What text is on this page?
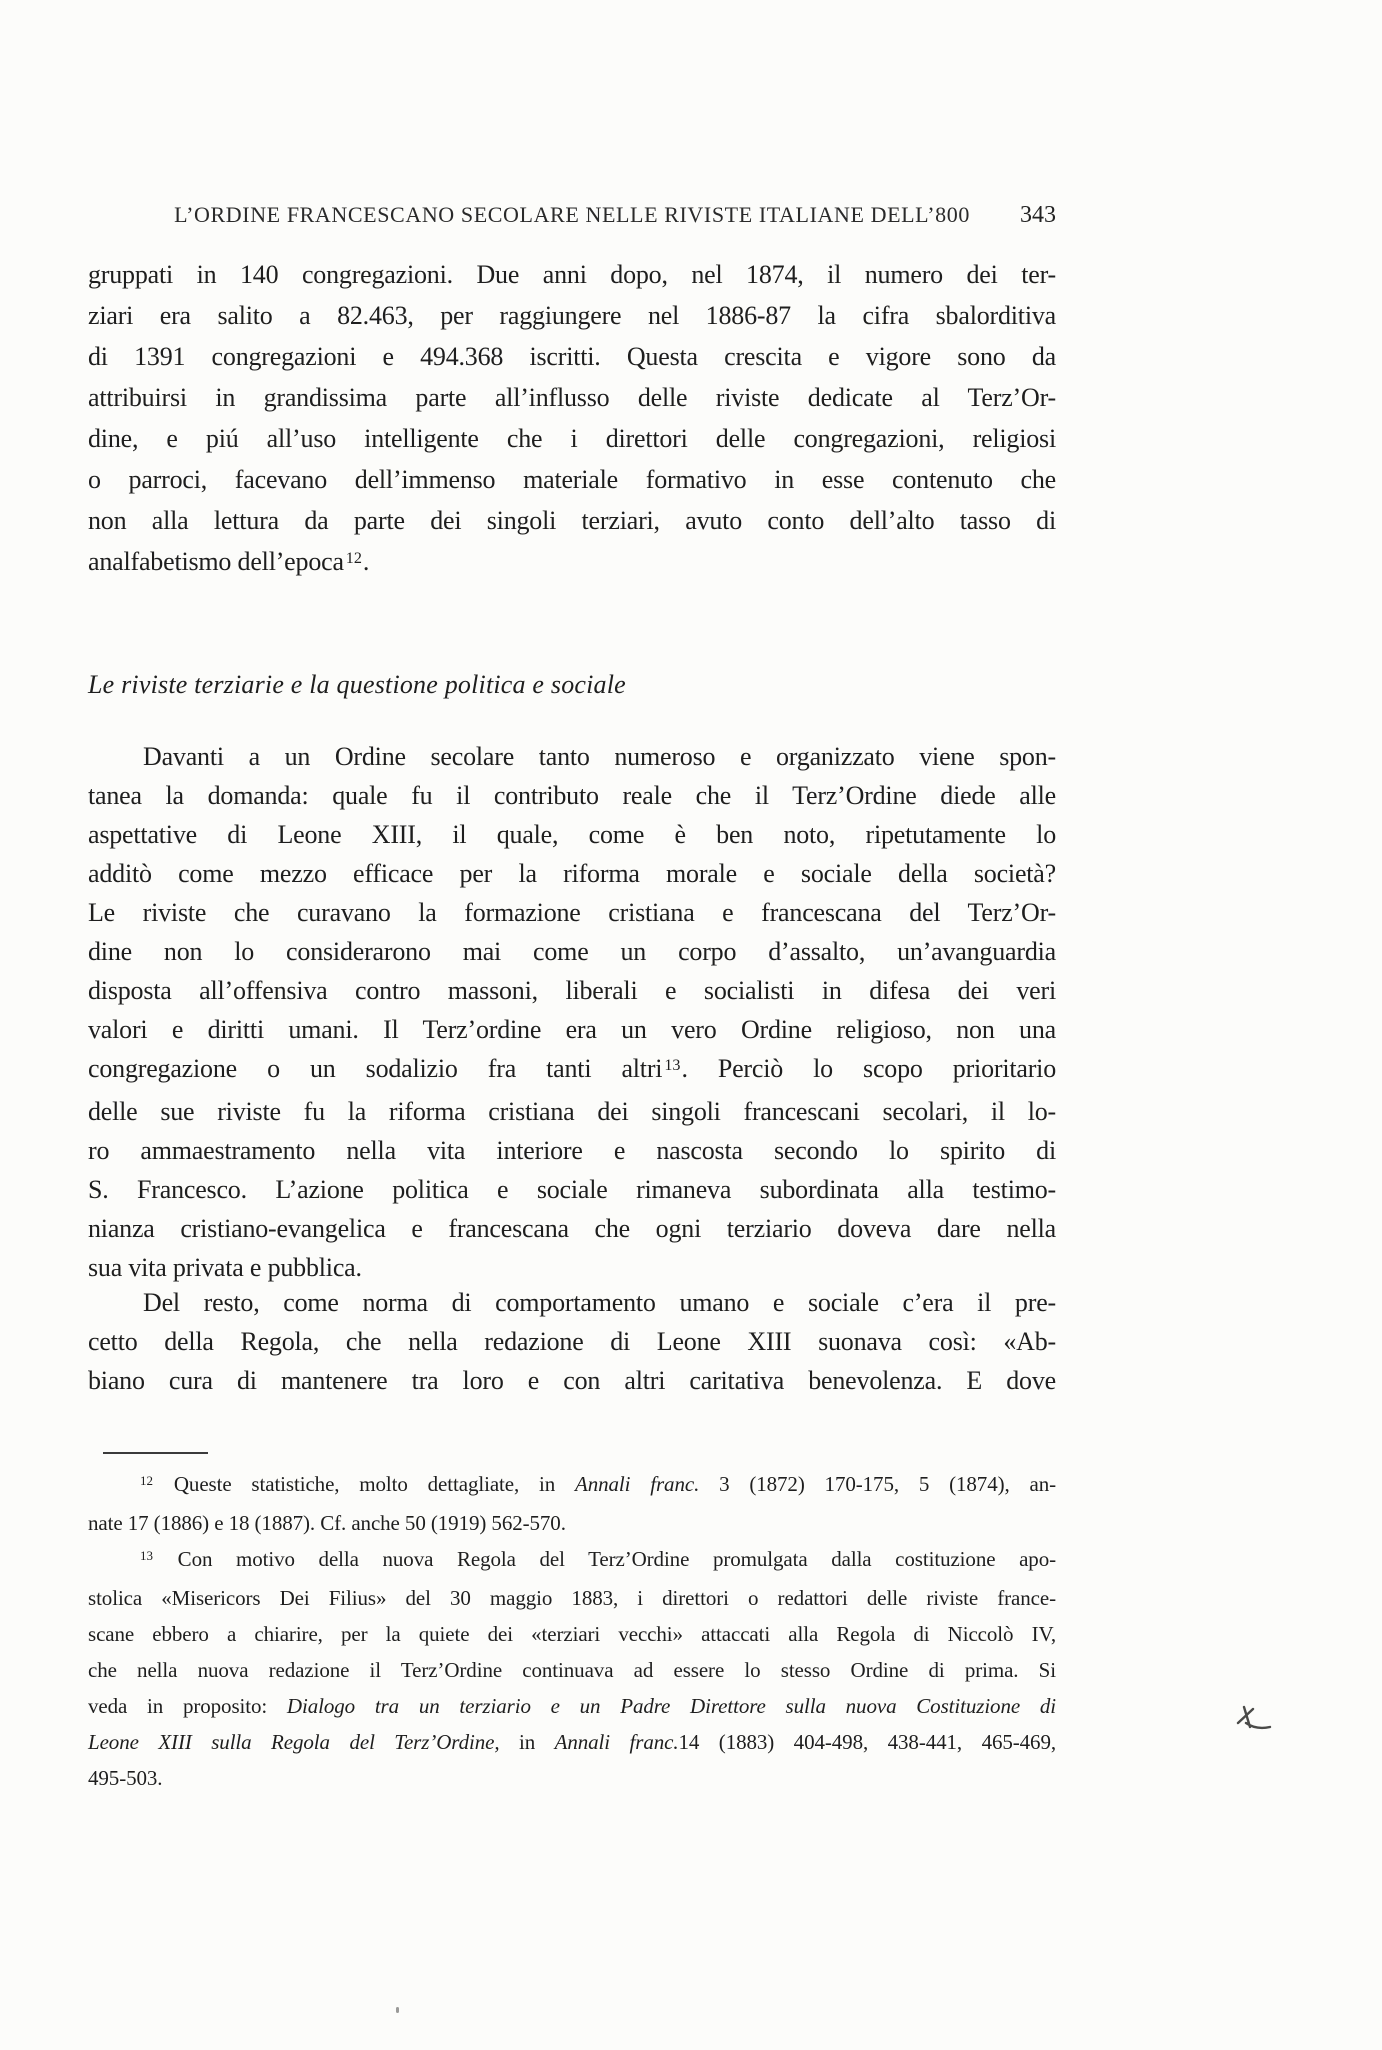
L’ORDINE FRANCESCANO SECOLARE NELLE RIVISTE ITALIANE DELL’800	343
gruppati in 140 congregazioni. Due anni dopo, nel 1874, il numero dei ter-
ziari era salito a 82.463, per raggiungere nel 1886-87 la cifra sbalorditiva
di 1391 congregazioni e 494.368 iscritti. Questa crescita e vigore sono da
attribuirsi in grandissima parte all’influsso delle riviste dedicate al Terz’Or-
dine, e piú all’uso intelligente che i direttori delle congregazioni, religiosi
o parroci, facevano dell’immenso materiale formativo in esse contenuto che
non alla lettura da parte dei singoli terziari, avuto conto dell’alto tasso di
analfabetismo dell’epoca $^{12}$.
Le riviste terziarie e la questione politica e sociale
Davanti a un Ordine secolare tanto numeroso e organizzato viene spon-
tanea la domanda: quale fu il contributo reale che il Terz’Ordine diede alle
aspettative di Leone XIII, il quale, come è ben noto, ripetutamente lo
additò come mezzo efficace per la riforma morale e sociale della società?
Le riviste che curavano la formazione cristiana e francescana del Terz’Or-
dine non lo considerarono mai come un corpo d’assalto, un’avanguardia
disposta all’offensiva contro massoni, liberali e socialisti in difesa dei veri
valori e diritti umani. Il Terz’ordine era un vero Ordine religioso, non una
congregazione o un sodalizio fra tanti altri $^{13}$. Perciò lo scopo prioritario
delle sue riviste fu la riforma cristiana dei singoli francescani secolari, il lo-
ro ammaestramento nella vita interiore e nascosta secondo lo spirito di
S. Francesco. L’azione politica e sociale rimaneva subordinata alla testimo-
nianza cristiano-evangelica e francescana che ogni terziario doveva dare nella
sua vita privata e pubblica.
Del resto, come norma di comportamento umano e sociale c’era il pre-
cetto della Regola, che nella redazione di Leone XIII suonava così: «Ab-
biano cura di mantenere tra loro e con altri caritativa benevolenza. E dove
$^{12}$ Queste statistiche, molto dettagliate, in Annali franc. 3 (1872) 170-175, 5 (1874), an-
nate 17 (1886) e 18 (1887). Cf. anche 50 (1919) 562-570.
$^{13}$ Con motivo della nuova Regola del Terz’Ordine promulgata dalla costituzione apo-
stolica «Misericors Dei Filius» del 30 maggio 1883, i direttori o redattori delle riviste france-
scane ebbero a chiarire, per la quiete dei «terziari vecchi» attaccati alla Regola di Niccolò IV,
che nella nuova redazione il Terz’Ordine continuava ad essere lo stesso Ordine di prima. Si
veda in proposito: Dialogo tra un terziario e un Padre Direttore sulla nuova Costituzione di
Leone XIII sulla Regola del Terz’Ordine, in Annali franc.14 (1883) 404-498, 438-441, 465-469,
495-503.
